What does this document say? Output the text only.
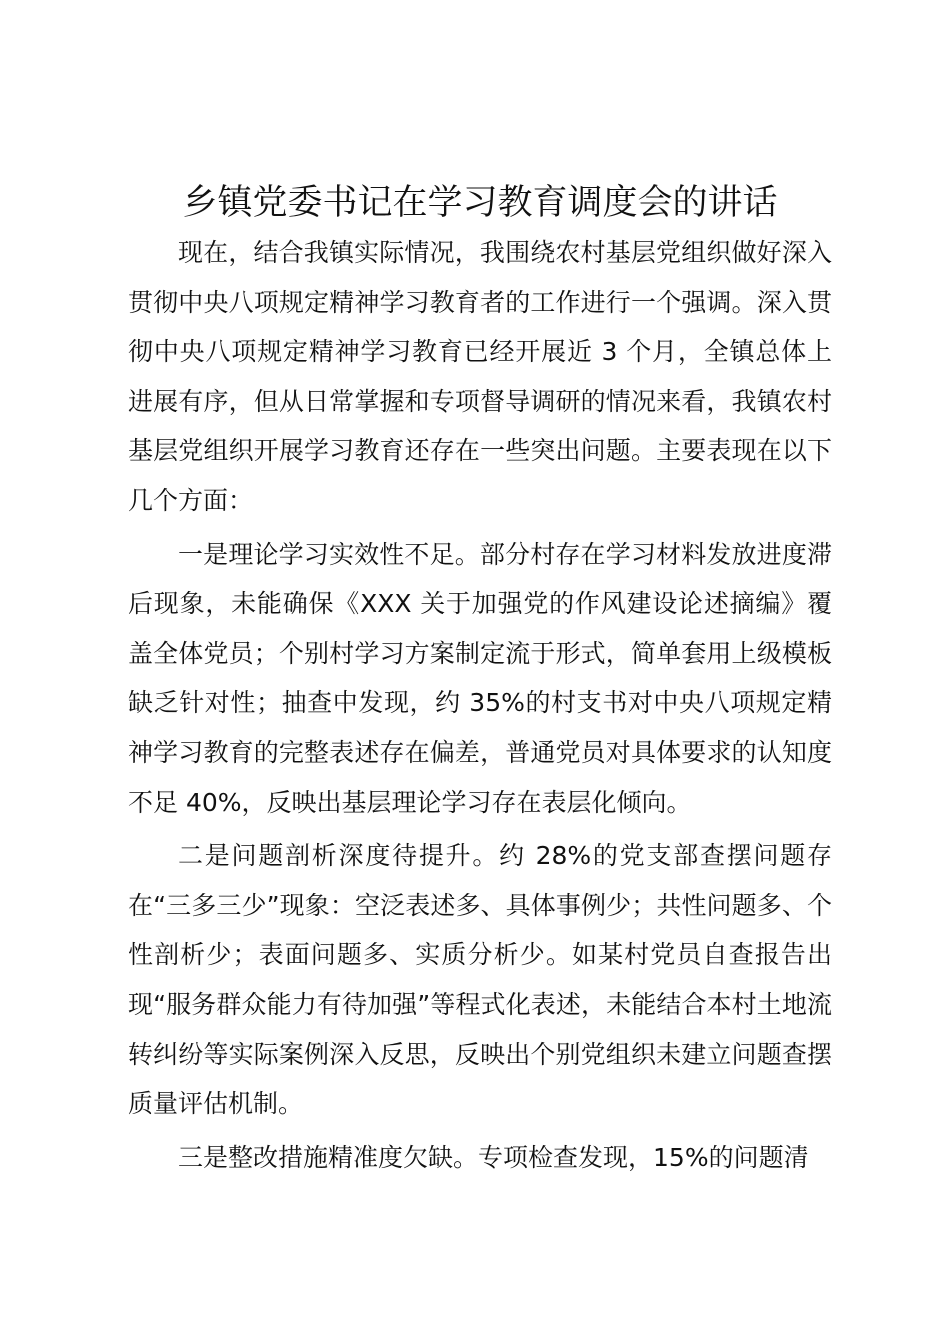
乡镇党委书记在学习教育调度会的讲话

现在，结合我镇实际情况，我围绕农村基层党组织做好深入贯彻中央八项规定精神学习教育者的工作进行一个强调。深入贯彻中央八项规定精神学习教育已经开展近 3 个月，全镇总体上进展有序，但从日常掌握和专项督导调研的情况来看，我镇农村基层党组织开展学习教育还存在一些突出问题。主要表现在以下几个方面：

一是理论学习实效性不足。部分村存在学习材料发放进度滞后现象，未能确保《XXX 关于加强党的作风建设论述摘编》覆盖全体党员；个别村学习方案制定流于形式，简单套用上级模板缺乏针对性；抽查中发现，约 35%的村支书对中央八项规定精神学习教育的完整表述存在偏差，普通党员对具体要求的认知度不足 40%，反映出基层理论学习存在表层化倾向。

二是问题剖析深度待提升。约 28%的党支部查摆问题存在“三多三少”现象：空泛表述多、具体事例少；共性问题多、个性剖析少；表面问题多、实质分析少。如某村党员自查报告出现“服务群众能力有待加强”等程式化表述，未能结合本村土地流转纠纷等实际案例深入反思，反映出个别党组织未建立问题查摆质量评估机制。

三是整改措施精准度欠缺。专项检查发现，15%的问题清
